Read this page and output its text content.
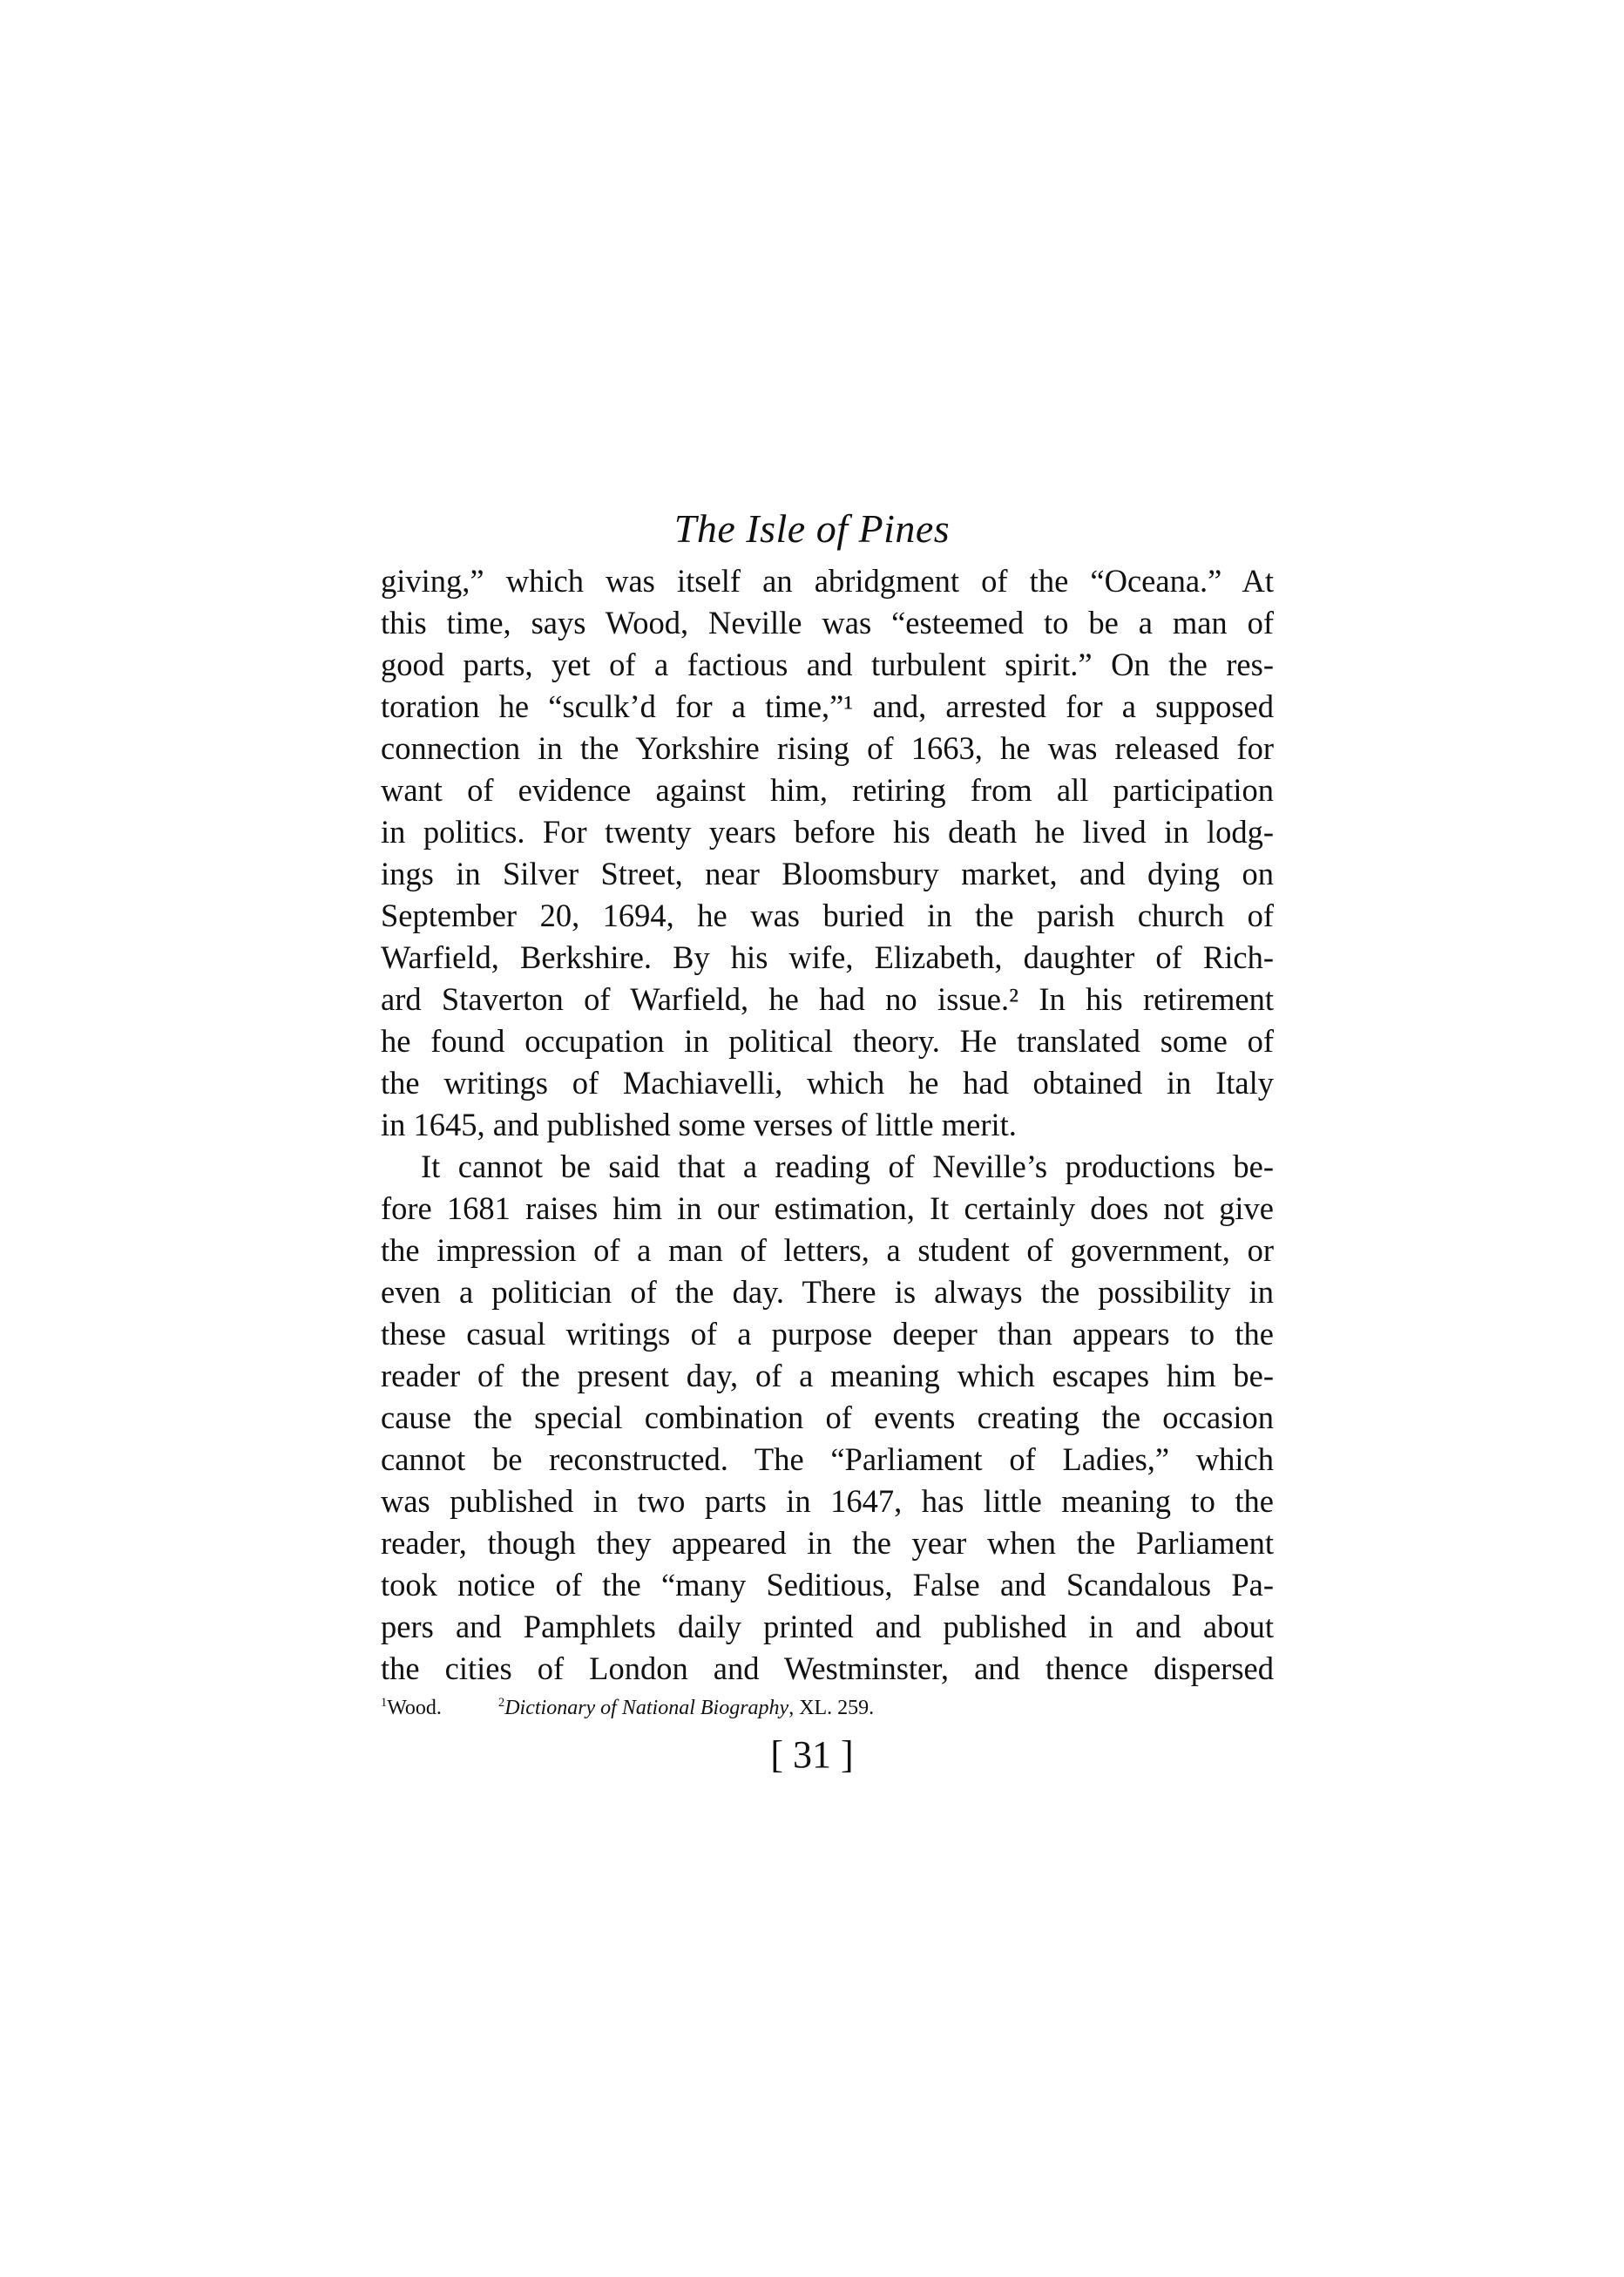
The Isle of Pines
giving,” which was itself an abridgment of the “Oceana.” At
this time, says Wood, Neville was “esteemed to be a man of
good parts, yet of a factious and turbulent spirit.” On the res-
toration he “sculk’d for a time,”¹ and, arrested for a supposed
connection in the Yorkshire rising of 1663, he was released for
want of evidence against him, retiring from all participation
in politics. For twenty years before his death he lived in lodg-
ings in Silver Street, near Bloomsbury market, and dying on
September 20, 1694, he was buried in the parish church of
Warfield, Berkshire. By his wife, Elizabeth, daughter of Rich-
ard Staverton of Warfield, he had no issue.² In his retirement
he found occupation in political theory. He translated some of
the writings of Machiavelli, which he had obtained in Italy
in 1645, and published some verses of little merit.
It cannot be said that a reading of Neville’s productions be-
fore 1681 raises him in our estimation, It certainly does not give
the impression of a man of letters, a student of government, or
even a politician of the day. There is always the possibility in
these casual writings of a purpose deeper than appears to the
reader of the present day, of a meaning which escapes him be-
cause the special combination of events creating the occasion
cannot be reconstructed. The “Parliament of Ladies,” which
was published in two parts in 1647, has little meaning to the
reader, though they appeared in the year when the Parliament
took notice of the “many Seditious, False and Scandalous Pa-
pers and Pamphlets daily printed and published in and about
the cities of London and Westminster, and thence dispersed
$^1$Wood.	$^2$Dictionary of National Biography, XL. 259.
[ 31 ]
